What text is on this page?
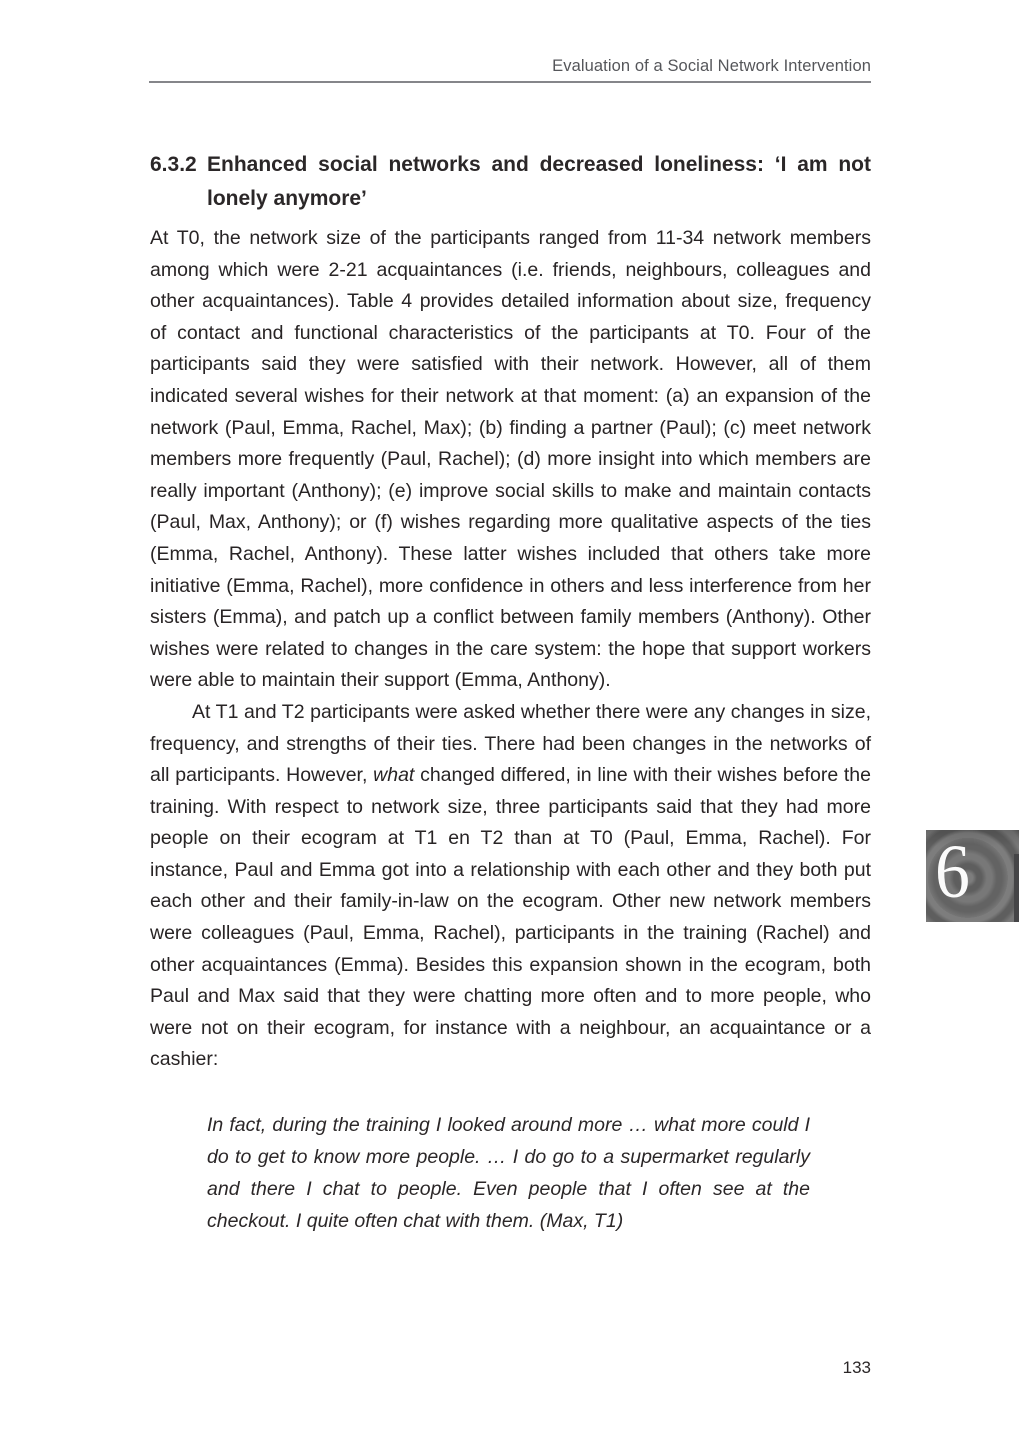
Evaluation of a Social Network Intervention
6.3.2 Enhanced social networks and decreased loneliness: ‘I am not lonely anymore’

At T0, the network size of the participants ranged from 11-34 network members among which were 2-21 acquaintances (i.e. friends, neighbours, colleagues and other acquaintances). Table 4 provides detailed information about size, frequency of contact and functional characteristics of the participants at T0. Four of the participants said they were satisfied with their network. However, all of them indicated several wishes for their network at that moment: (a) an expansion of the network (Paul, Emma, Rachel, Max); (b) finding a partner (Paul); (c) meet network members more frequently (Paul, Rachel); (d) more insight into which members are really important (Anthony); (e) improve social skills to make and maintain contacts (Paul, Max, Anthony); or (f) wishes regarding more qualitative aspects of the ties (Emma, Rachel, Anthony). These latter wishes included that others take more initiative (Emma, Rachel), more confidence in others and less interference from her sisters (Emma), and patch up a conflict between family members (Anthony). Other wishes were related to changes in the care system: the hope that support workers were able to maintain their support (Emma, Anthony).

At T1 and T2 participants were asked whether there were any changes in size, frequency, and strengths of their ties. There had been changes in the networks of all participants. However, what changed differed, in line with their wishes before the training. With respect to network size, three participants said that they had more people on their ecogram at T1 en T2 than at T0 (Paul, Emma, Rachel). For instance, Paul and Emma got into a relationship with each other and they both put each other and their family-in-law on the ecogram. Other new network members were colleagues (Paul, Emma, Rachel), participants in the training (Rachel) and other acquaintances (Emma). Besides this expansion shown in the ecogram, both Paul and Max said that they were chatting more often and to more people, who were not on their ecogram, for instance with a neighbour, an acquaintance or a cashier:

In fact, during the training I looked around more … what more could I do to get to know more people. … I do go to a supermarket regularly and there I chat to people. Even people that I often see at the checkout. I quite often chat with them. (Max, T1)
6
133
